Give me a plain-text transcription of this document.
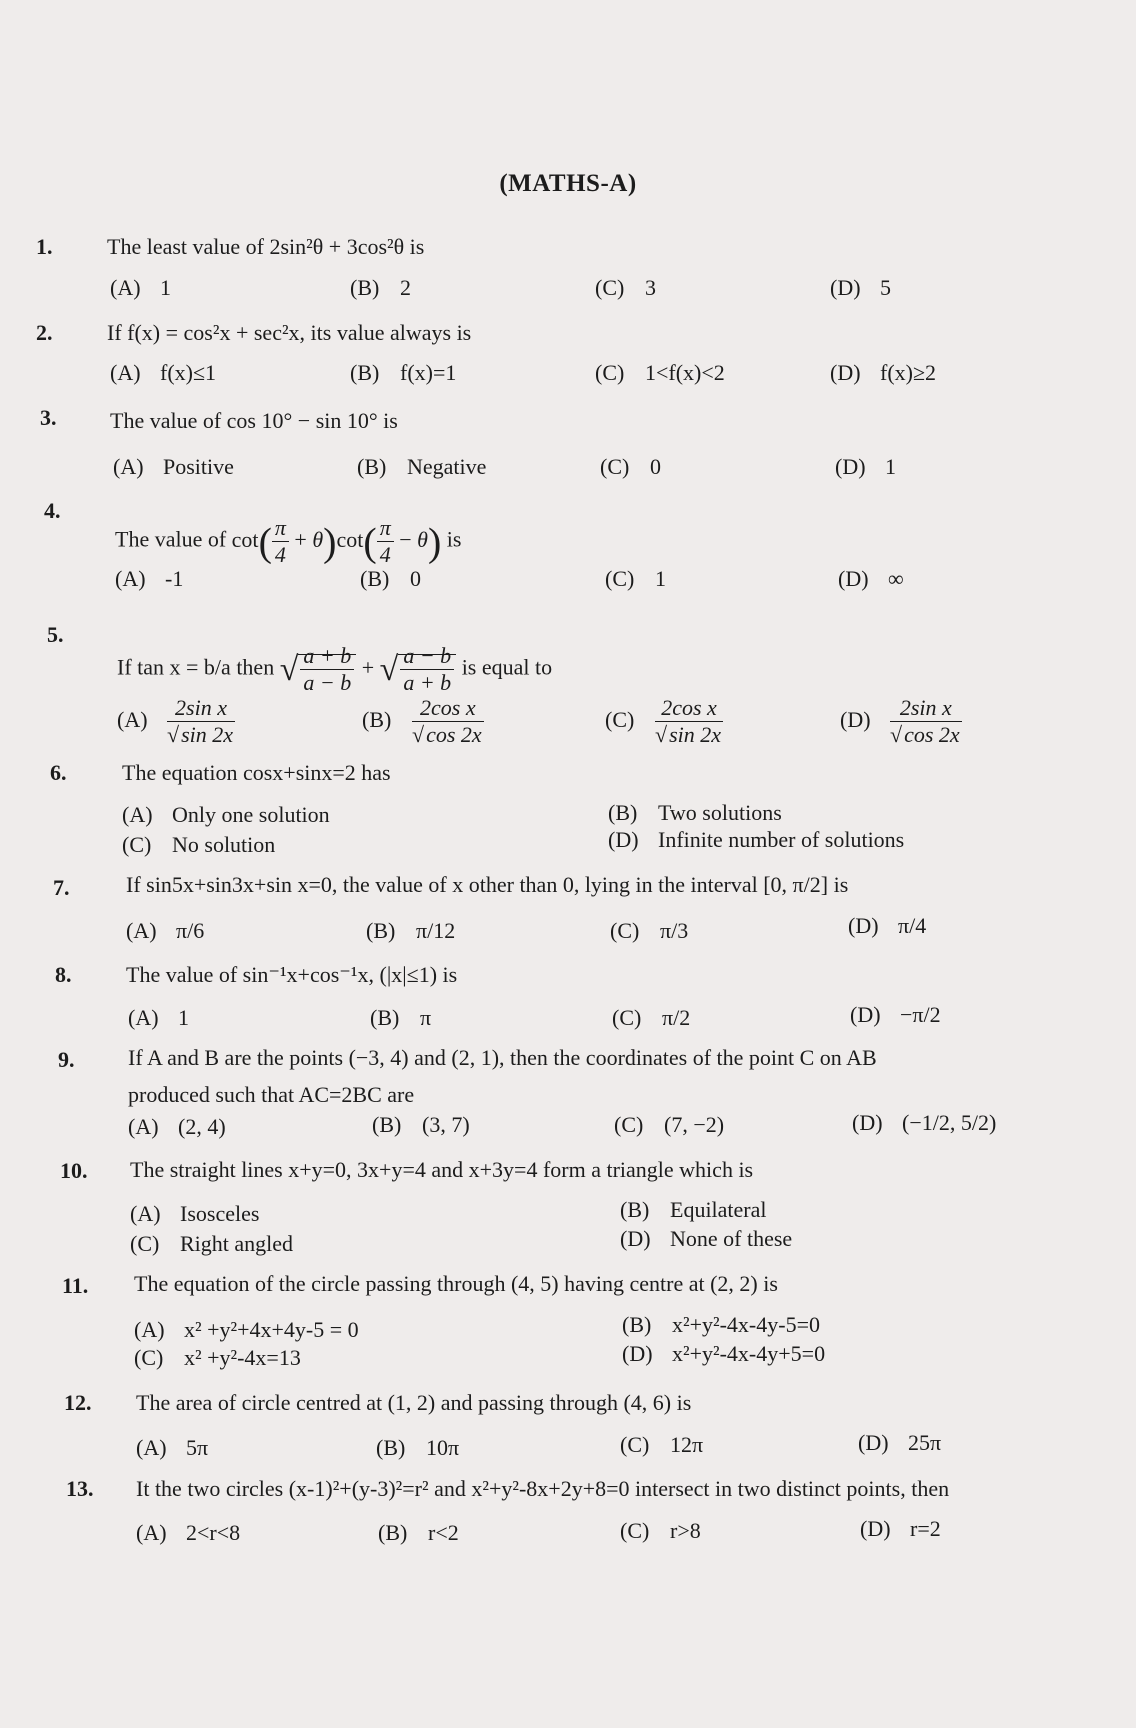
(MATHS-A)
1. The least value of 2sin²θ + 3cos²θ is
(A) 1	(B) 2	(C) 3	(D) 5
2. If f(x) = cos²x + sec²x, its value always is
(A) f(x)≤1	(B) f(x)=1	(C) 1<f(x)<2	(D) f(x)≥2
3. The value of cos 10° − sin 10° is
(A) Positive	(B) Negative	(C) 0	(D) 1
4.
The value of $\cot( \frac{\pi}{4} + \theta)\cot( \frac{\pi}{4} - \theta)$ is
(A) -1	(B) 0	(C) 1	(D) ∞
5.
If tan x = b/a then √ $\frac{a + b}{a - b}$ + √ $\frac{a - b}{a + b}$ is equal to
$(A) \frac{\text{2sin x}}{√\sin 2x}$	$(B) \frac{\text{2cos x}}{√\cos 2x}$	$(C) \frac{\text{2cos x}}{√\sin 2x}$	$(D) \frac{\text{2sin x}}{√\cos 2x}$
6.	The equation cosx+sinx=2 has
(A) Only one solution	(B) Two solutions
(C) No solution	(D) Infinite number of solutions
7.	If sin5x+sin3x+sin x=0, the value of x other than 0, lying in the interval [0, π/2] is
(A) π/6	(B) π/12	(C) π/3	(D) π/4
8. The value of sin⁻¹x+cos⁻¹x, (|x|≤1) is
(A) 1	(B) π	(C) π/2	(D) −π/2
9. If A and B are the points (−3, 4) and (2, 1), then the coordinates of the point C on AB
produced such that AC=2BC are
(A) (2, 4)	(B) (3, 7)	(C) (7, −2)	(D) (−1/2, 5/2)
10. The straight lines x+y=0, 3x+y=4 and x+3y=4 form a triangle which is
(A) Isosceles	(B) Equilateral
(C) Right angled	(D) None of these
11. The equation of the circle passing through (4, 5) having centre at (2, 2) is
(A) x² +y²+4x+4y-5 = 0	(B) x²+y²-4x-4y-5=0
(C) x² +y²-4x=13	(D) x²+y²-4x-4y+5=0
12. The area of circle centred at (1, 2) and passing through (4, 6) is
(A) 5π	(B) 10π	(C) 12π	(D) 25π
13. It the two circles (x-1)²+(y-3)²=r² and x²+y²-8x+2y+8=0 intersect in two distinct points, then
(A) 2<r<8	(B) r<2	(C) r>8	(D) r=2
